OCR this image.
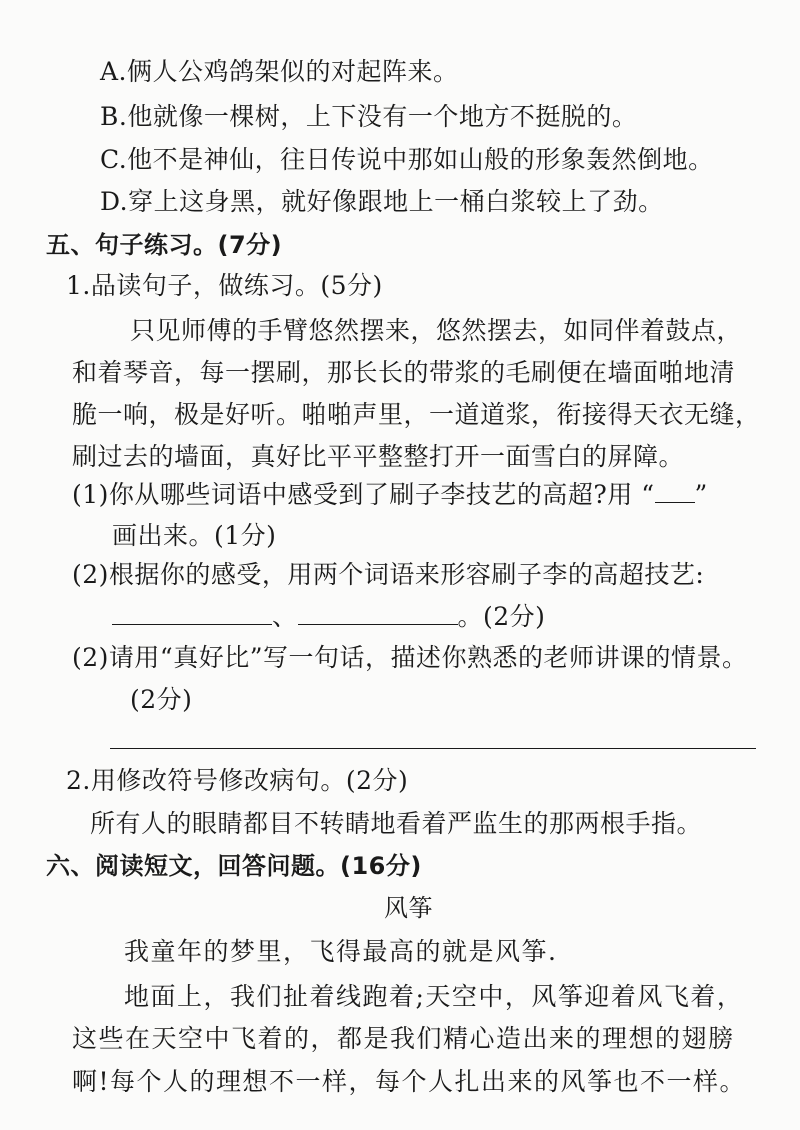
A.俩人公鸡鸽架似的对起阵来。
B.他就像一棵树，上下没有一个地方不挺脱的。
C.他不是神仙，往日传说中那如山般的形象轰然倒地。
D.穿上这身黑，就好像跟地上一桶白浆较上了劲。
五、句子练习。(7分)
1.品读句子，做练习。(5分)
只见师傅的手臂悠然摆来，悠然摆去，如同伴着鼓点，
和着琴音，每一摆刷，那长长的带浆的毛刷便在墙面啪地清
脆一响，极是好听。啪啪声里，一道道浆，衔接得天衣无缝，
刷过去的墙面，真好比平平整整打开一面雪白的屏障。
(1)你从哪些词语中感受到了刷子李技艺的高超?用 “ ”
画出来。(1分)
(2)根据你的感受，用两个词语来形容刷子李的高超技艺:
、	。(2分)
(2)请用“真好比”写一句话，描述你熟悉的老师讲课的情景。
(2分)
2.用修改符号修改病句。(2分)
所有人的眼睛都目不转睛地看着严监生的那两根手指。
六、阅读短文，回答问题。(16分)
风筝
我童年的梦里，飞得最高的就是风筝.
地面上，我们扯着线跑着;天空中，风筝迎着风飞着，
这些在天空中飞着的，都是我们精心造出来的理想的翅膀
啊!每个人的理想不一样，每个人扎出来的风筝也不一样。
